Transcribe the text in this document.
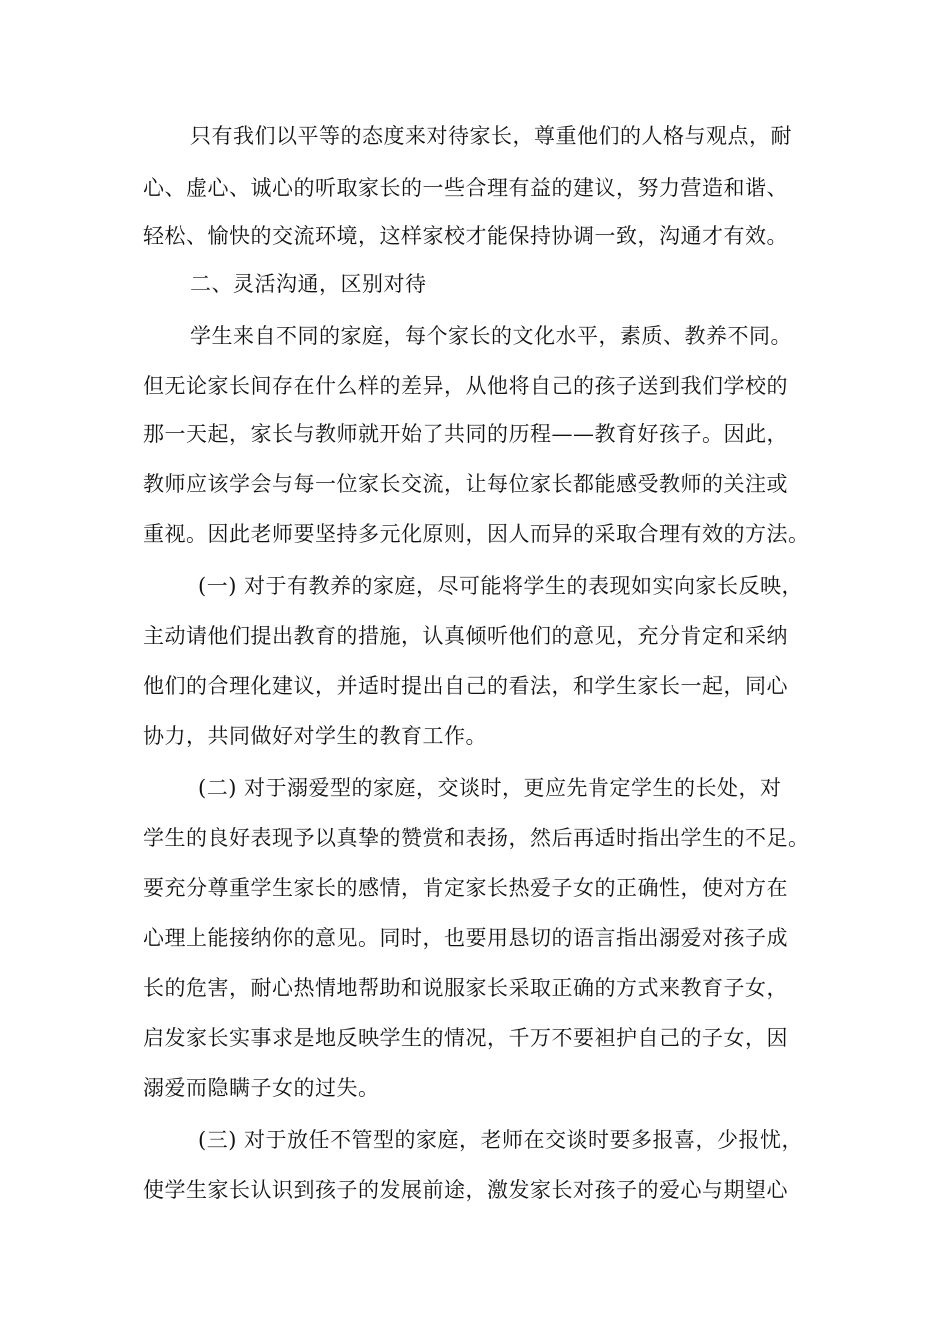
只有我们以平等的态度来对待家长，尊重他们的人格与观点，耐
心、虚心、诚心的听取家长的一些合理有益的建议，努力营造和谐、
轻松、愉快的交流环境，这样家校才能保持协调一致，沟通才有效。
二、灵活沟通，区别对待
学生来自不同的家庭，每个家长的文化水平，素质、教养不同。
但无论家长间存在什么样的差异，从他将自己的孩子送到我们学校的
那一天起，家长与教师就开始了共同的历程——教育好孩子。因此，
教师应该学会与每一位家长交流，让每位家长都能感受教师的关注或
重视。因此老师要坚持多元化原则，因人而异的采取合理有效的方法。
(一) 对于有教养的家庭，尽可能将学生的表现如实向家长反映，
主动请他们提出教育的措施，认真倾听他们的意见，充分肯定和采纳
他们的合理化建议，并适时提出自己的看法，和学生家长一起，同心
协力，共同做好对学生的教育工作。
(二) 对于溺爱型的家庭，交谈时，更应先肯定学生的长处，对
学生的良好表现予以真挚的赞赏和表扬，然后再适时指出学生的不足。
要充分尊重学生家长的感情，肯定家长热爱子女的正确性，使对方在
心理上能接纳你的意见。同时，也要用恳切的语言指出溺爱对孩子成
长的危害，耐心热情地帮助和说服家长采取正确的方式来教育子女，
启发家长实事求是地反映学生的情况，千万不要袒护自己的子女，因
溺爱而隐瞒子女的过失。
(三) 对于放任不管型的家庭，老师在交谈时要多报喜，少报忧，
使学生家长认识到孩子的发展前途，激发家长对孩子的爱心与期望心
